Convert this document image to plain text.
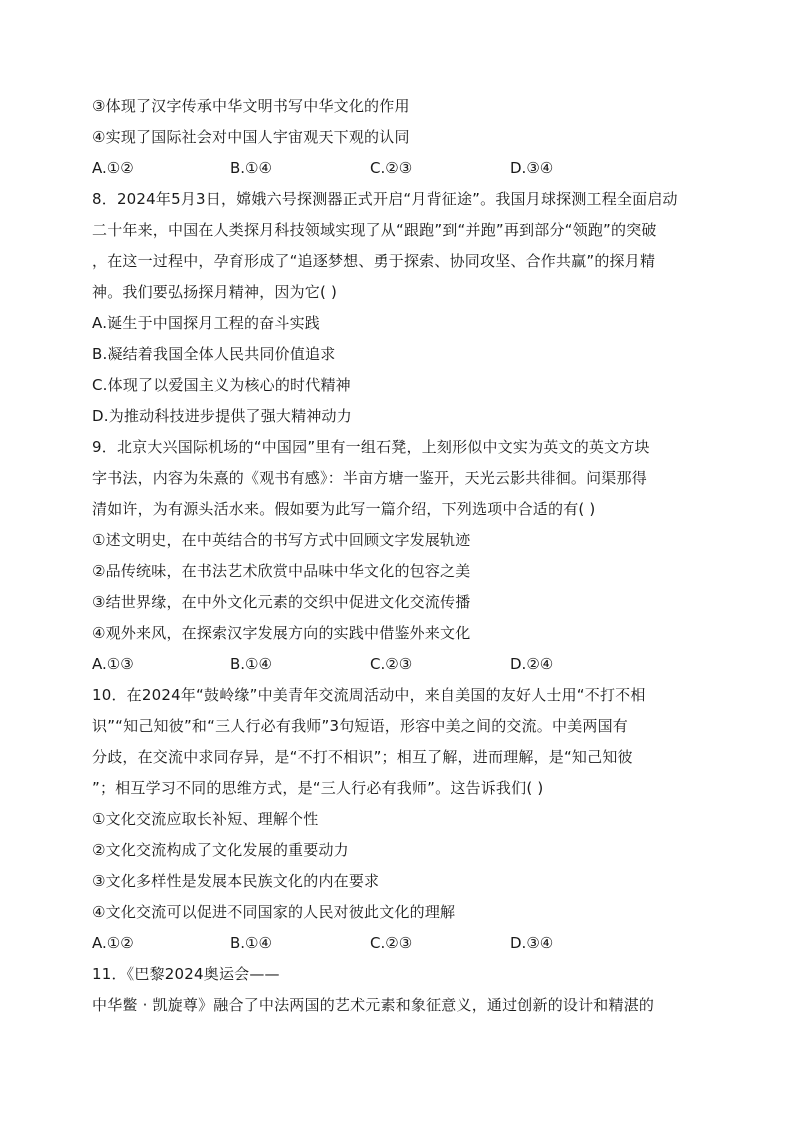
③体现了汉字传承中华文明书写中华文化的作用
④实现了国际社会对中国人宇宙观天下观的认同
A.①②	B.①④	C.②③	D.③④
8．2024年5月3日，嫦娥六号探测器正式开启“月背征途”。我国月球探测工程全面启动
二十年来，中国在人类探月科技领域实现了从“跟跑”到“并跑”再到部分“领跑”的突破
，在这一过程中，孕育形成了“追逐梦想、勇于探索、协同攻坚、合作共赢”的探月精
神。我们要弘扬探月精神，因为它( )
A.诞生于中国探月工程的奋斗实践
B.凝结着我国全体人民共同价值追求
C.体现了以爱国主义为核心的时代精神
D.为推动科技进步提供了强大精神动力
9．北京大兴国际机场的“中国园”里有一组石凳，上刻形似中文实为英文的英文方块
字书法，内容为朱熹的《观书有感》：半亩方塘一鉴开，天光云影共徘徊。问渠那得
清如许，为有源头活水来。假如要为此写一篇介绍，下列选项中合适的有( )
①述文明史，在中英结合的书写方式中回顾文字发展轨迹
②品传统味，在书法艺术欣赏中品味中华文化的包容之美
③结世界缘，在中外文化元素的交织中促进文化交流传播
④观外来风，在探索汉字发展方向的实践中借鉴外来文化
A.①③	B.①④	C.②③	D.②④
10．在2024年“鼓岭缘”中美青年交流周活动中，来自美国的友好人士用“不打不相
识”“知己知彼”和“三人行必有我师”3句短语，形容中美之间的交流。中美两国有
分歧，在交流中求同存异，是“不打不相识”；相互了解，进而理解，是“知己知彼
”；相互学习不同的思维方式，是“三人行必有我师”。这告诉我们( )
①文化交流应取长补短、理解个性
②文化交流构成了文化发展的重要动力
③文化多样性是发展本民族文化的内在要求
④文化交流可以促进不同国家的人民对彼此文化的理解
A.①②	B.①④	C.②③	D.③④
11．《巴黎2024奥运会——
中华鳖 · 凯旋尊》融合了中法两国的艺术元素和象征意义，通过创新的设计和精湛的
